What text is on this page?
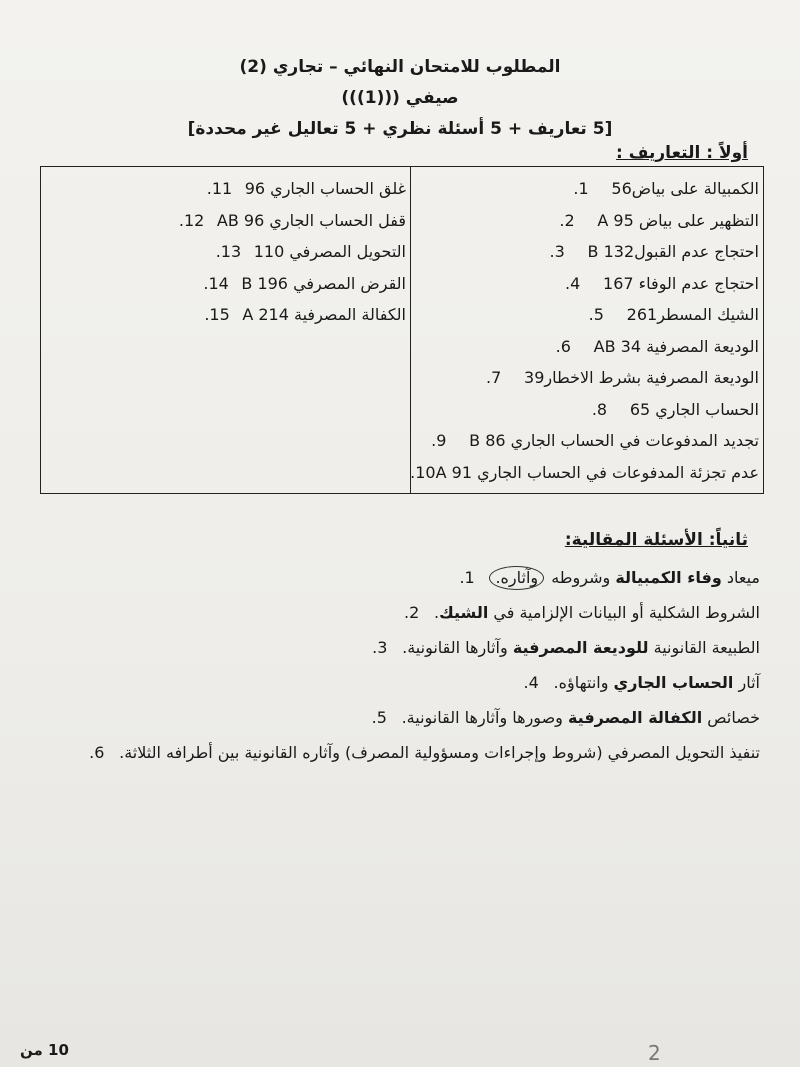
المطلوب للامتحان النهائي – تجاري (2)
صيفي (((1)))
[5 تعاريف + 5 أسئلة نظري + 5 تعاليل غير محددة]
أولاً : التعاريف :
الكمبيالة على بياض56
1.
التظهير على بياض 95 A
2.
احتجاج عدم القبول132 B
3.
احتجاج عدم الوفاء 167
4.
الشيك المسطر261
5.
الوديعة المصرفية 34 AB
6.
الوديعة المصرفية بشرط الاخطار39
7.
الحساب الجاري 65
8.
تجديد المدفوعات في الحساب الجاري 86 B
9.
عدم تجزئة المدفوعات في الحساب الجاري 91 A
10.
غلق الحساب الجاري 96
11.
قفل الحساب الجاري 96 AB
12.
التحويل المصرفي 110
13.
القرض المصرفي 196 B
14.
الكفالة المصرفية 214 A
15.
ثانياً: الأسئلة المقالية:
ميعاد وفاء الكمبيالة وشروطه وآثاره.
1.
الشروط الشكلية أو البيانات الإلزامية في الشيك.
2.
الطبيعة القانونية للوديعة المصرفية وآثارها القانونية.
3.
آثار الحساب الجاري وانتهاؤه.
4.
خصائص الكفالة المصرفية وصورها وآثارها القانونية.
5.
تنفيذ التحويل المصرفي (شروط وإجراءات ومسؤولية المصرف) وآثاره القانونية بين أطرافه الثلاثة.
6.
10 من	2
